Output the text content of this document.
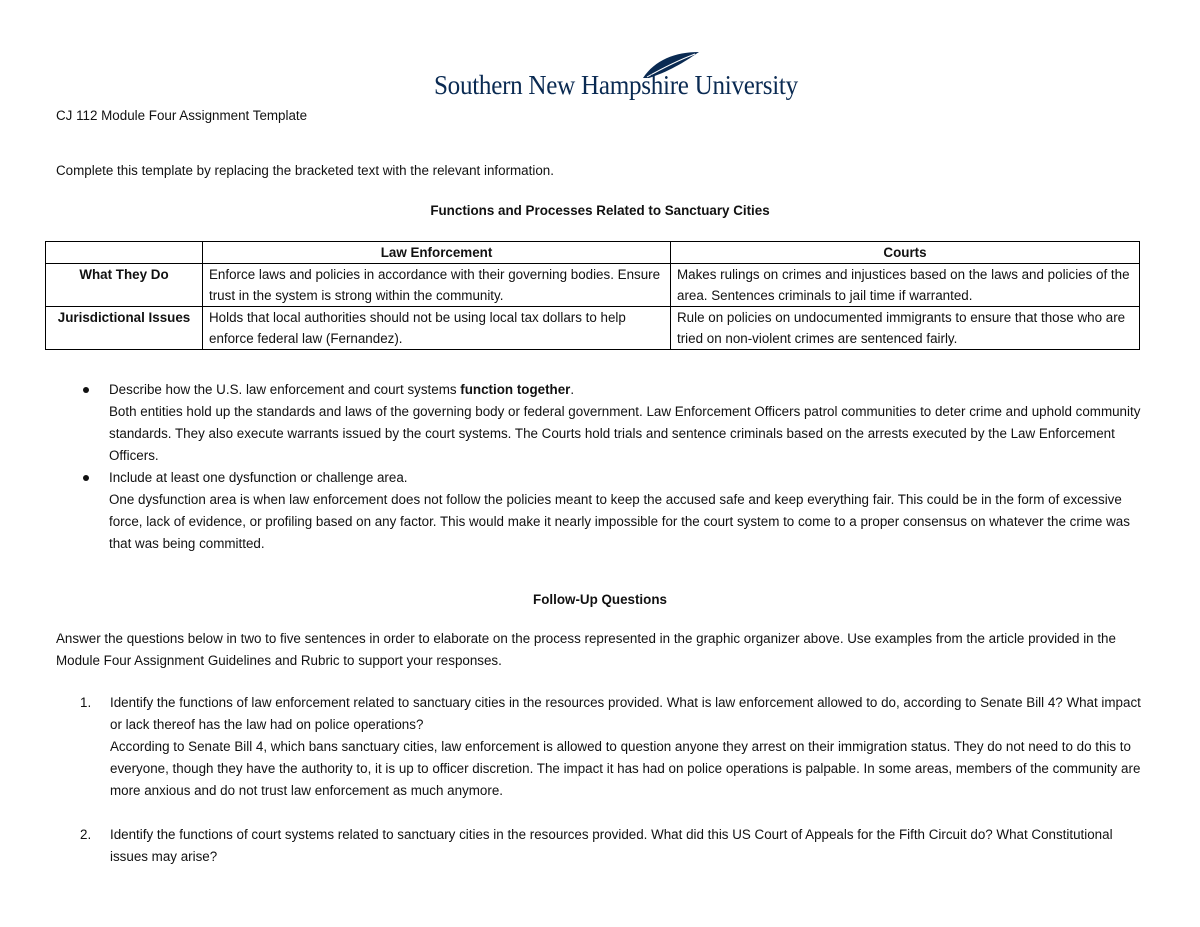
Southern New Hampshire University
CJ 112 Module Four Assignment Template
Complete this template by replacing the bracketed text with the relevant information.
Functions and Processes Related to Sanctuary Cities
	Law Enforcement	Courts
What They Do	Enforce laws and policies in accordance with their governing bodies. Ensure trust in the system is strong within the community.	Makes rulings on crimes and injustices based on the laws and policies of the area. Sentences criminals to jail time if warranted.
Jurisdictional Issues	Holds that local authorities should not be using local tax dollars to help enforce federal law (Fernandez).	Rule on policies on undocumented immigrants to ensure that those who are tried on non-violent crimes are sentenced fairly.
Describe how the U.S. law enforcement and court systems function together.
Both entities hold up the standards and laws of the governing body or federal government. Law Enforcement Officers patrol communities to deter crime and uphold community standards. They also execute warrants issued by the court systems. The Courts hold trials and sentence criminals based on the arrests executed by the Law Enforcement Officers.
Include at least one dysfunction or challenge area.
One dysfunction area is when law enforcement does not follow the policies meant to keep the accused safe and keep everything fair. This could be in the form of excessive force, lack of evidence, or profiling based on any factor. This would make it nearly impossible for the court system to come to a proper consensus on whatever the crime was that was being committed.
Follow-Up Questions
Answer the questions below in two to five sentences in order to elaborate on the process represented in the graphic organizer above. Use examples from the article provided in the Module Four Assignment Guidelines and Rubric to support your responses.
1. Identify the functions of law enforcement related to sanctuary cities in the resources provided. What is law enforcement allowed to do, according to Senate Bill 4? What impact or lack thereof has the law had on police operations?
According to Senate Bill 4, which bans sanctuary cities, law enforcement is allowed to question anyone they arrest on their immigration status. They do not need to do this to everyone, though they have the authority to, it is up to officer discretion. The impact it has had on police operations is palpable. In some areas, members of the community are more anxious and do not trust law enforcement as much anymore.
2. Identify the functions of court systems related to sanctuary cities in the resources provided. What did this US Court of Appeals for the Fifth Circuit do? What Constitutional issues may arise?
